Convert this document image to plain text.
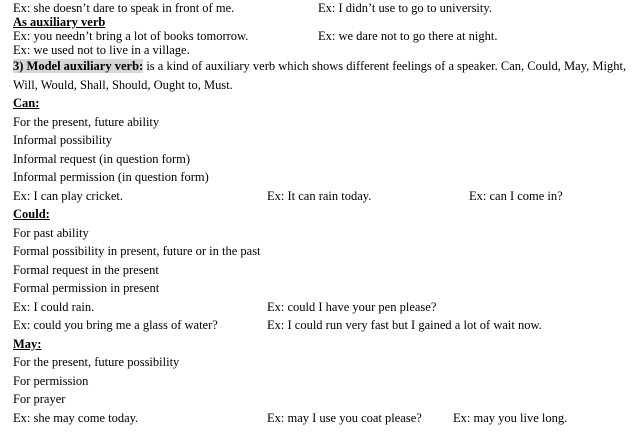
Ex: she doesn’t dare to speak in front of me.	Ex: I didn’t use to go to university.
As auxiliary verb
Ex: you needn’t bring a lot of books tomorrow.	Ex: we dare not to go there at night.
Ex: we used not to live in a village.
3) Model auxiliary verb: is a kind of auxiliary verb which shows different feelings of a speaker. Can, Could, May, Might, Will, Would, Shall, Should, Ought to, Must.
Can:
For the present, future ability
Informal possibility
Informal request (in question form)
Informal permission (in question form)
Ex: I can play cricket.	Ex: It can rain today.	Ex: can I come in?
Could:
For past ability
Formal possibility in present, future or in the past
Formal request in the present
Formal permission in present
Ex: I could rain.	Ex: could I have your pen please?
Ex: could you bring me a glass of water?	Ex: I could run very fast but I gained a lot of wait now.
May:
For the present, future possibility
For permission
For prayer
Ex: she may come today.	Ex: may I use you coat please? Ex: may you live long.
